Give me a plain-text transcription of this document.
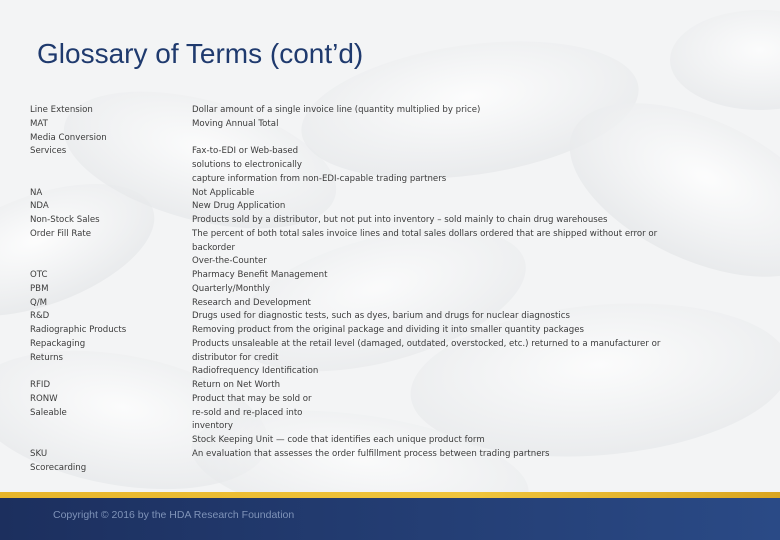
Glossary of Terms (cont’d)
Line Extension
MAT
Media Conversion
Services
NA
NDA
Non-Stock Sales
Order Fill Rate
OTC
PBM
Q/M
R&D
Radiographic Products
Repackaging
Returns
RFID
RONW
Saleable
SKU
Scorecarding
Dollar amount of a single invoice line (quantity multiplied by price)
Moving Annual Total
Fax-to-EDI or Web-based
solutions to electronically
capture information from non-EDI-capable trading partners
Not Applicable
New Drug Application
Products sold by a distributor, but not put into inventory – sold mainly to chain drug warehouses
The percent of both total sales invoice lines and total sales dollars ordered that are shipped without error or
backorder
Over-the-Counter
Pharmacy Benefit Management
Quarterly/Monthly
Research and Development
Drugs used for diagnostic tests, such as dyes, barium and drugs for nuclear diagnostics
Removing product from the original package and dividing it into smaller quantity packages
Products unsaleable at the retail level (damaged, outdated, overstocked, etc.) returned to a manufacturer or
distributor for credit
Radiofrequency Identification
Return on Net Worth
Product that may be sold or
re-sold and re-placed into
inventory
Stock Keeping Unit — code that identifies each unique product form
An evaluation that assesses the order fulfillment process between trading partners
Copyright © 2016 by the HDA Research Foundation
